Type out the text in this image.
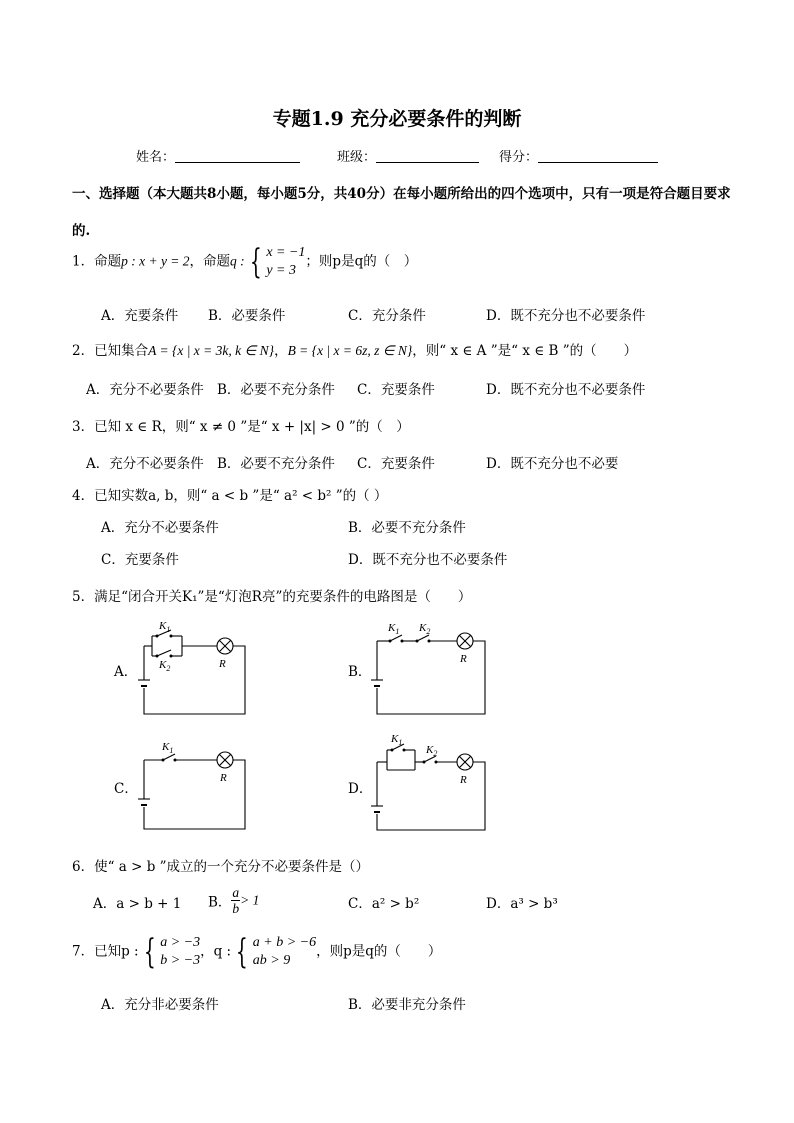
专题1.9 充分必要条件的判断
姓名：	班级：	得分：
一、选择题（本大题共8小题，每小题5分，共40分）在每小题所给出的四个选项中，只有一项是符合题目要求的.
1．命题p : x + y = 2，命题q : { x = −1
y = 3；则p是q的（　）
A．充要条件 B．必要条件	C．充分条件	D．既不充分也不必要条件
2．已知集合A = {x | x = 3k, k ∈ N}，B = {x | x = 6z, z ∈ N}，则“ x ∈ A ”是“ x ∈ B ”的（　　）
A．充分不必要条件 B．必要不充分条件 C．充要条件	D．既不充分也不必要条件
3．已知 x ∈ R，则“ x ≠ 0 ”是“ x + |x| > 0 ”的（　）
A．充分不必要条件 B．必要不充分条件 C．充要条件	D．既不充分也不必要
4．已知实数a, b，则“ a < b ”是“ a² < b² ”的（ ）
A．充分不必要条件	B．必要不充分条件
C．充要条件	D．既不充分也不必要条件
5．满足“闭合开关K₁”是“灯泡R亮”的充要条件的电路图是（　　）
A．	B．
C．	D．
$K_1$
$K_2$	R
$K_1$ $K_2$
R
$K_1$
R
$K_1$
$K_2$
R
6．使“ a > b ”成立的一个充分不必要条件是（）
A．a > b + 1 B． $\frac{a}{b} > 1$	C．a² > b²	D．a³ > b³
7．已知p : { a > −3
b > −3，q : { a + b > −6
ab > 9，则p是q的（　　）
A．充分非必要条件	B．必要非充分条件
